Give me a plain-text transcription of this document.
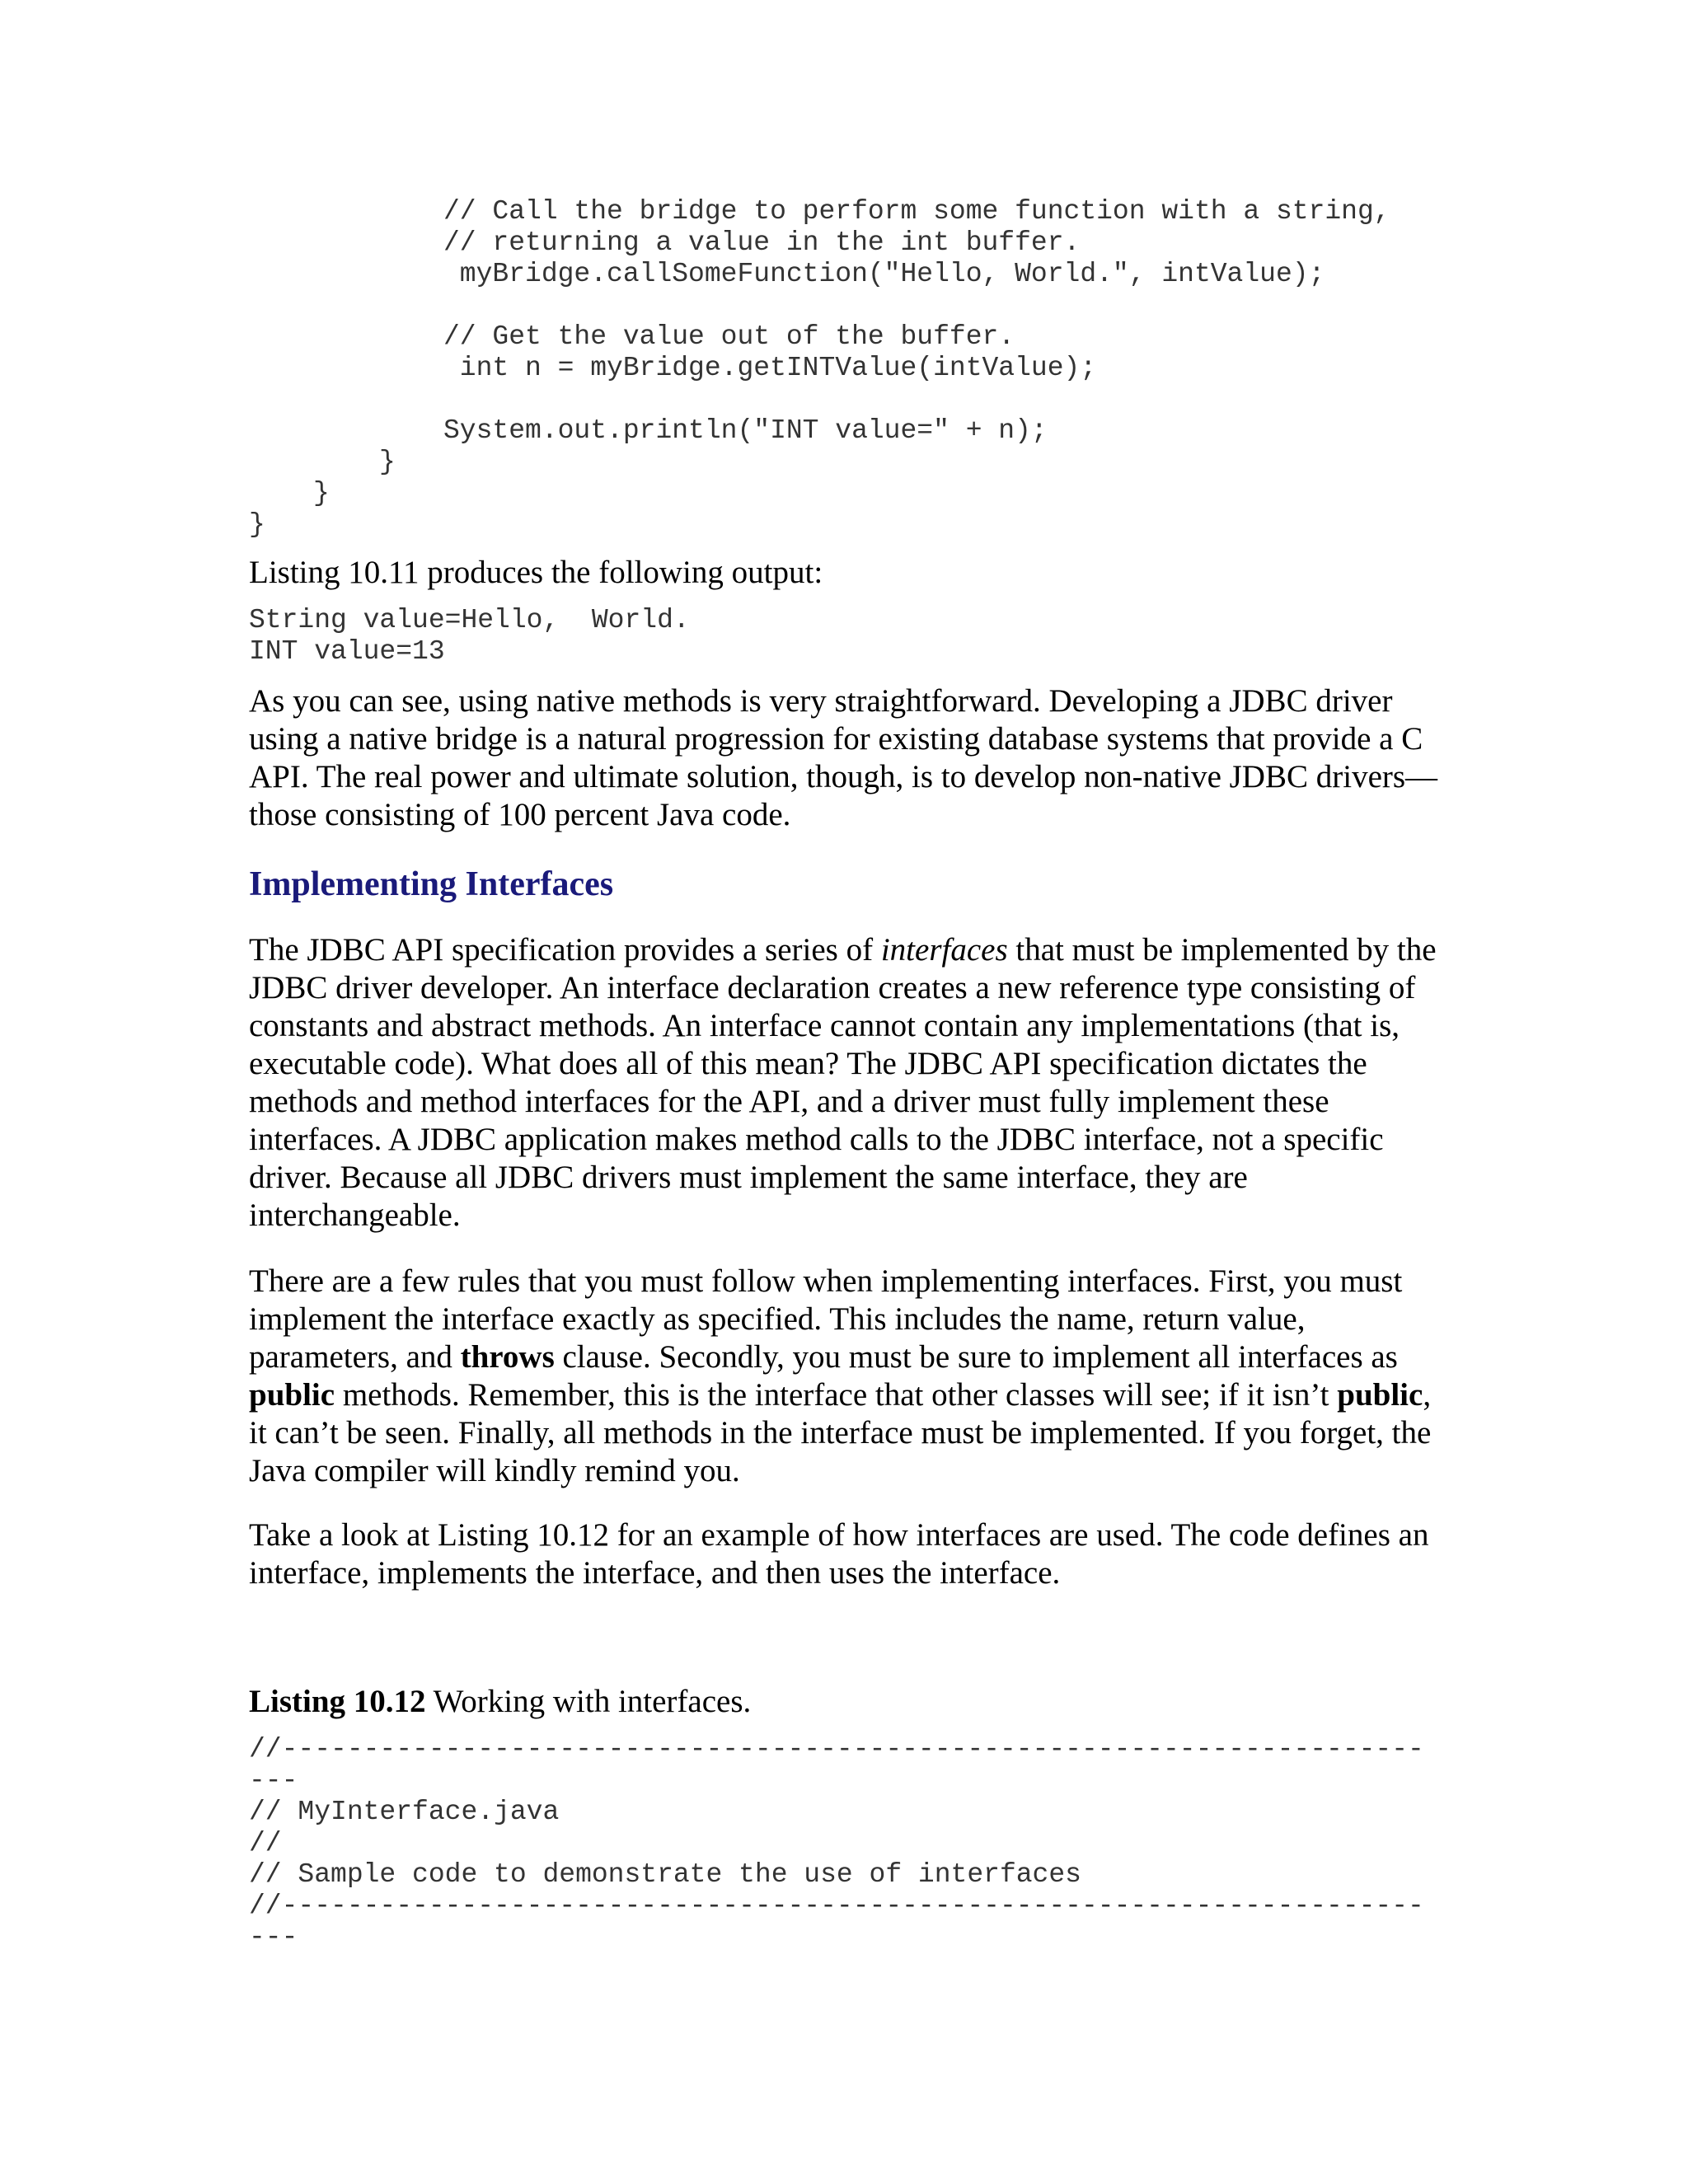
// Call the bridge to perform some function with a string,
// returning a value in the int buffer.
myBridge.callSomeFunction("Hello, World.", intValue);
// Get the value out of the buffer.
int n = myBridge.getINTValue(intValue);
System.out.println("INT value=" + n);
}
}
}

Listing 10.11 produces the following output:

String value=Hello,  World.
INT value=13

As you can see, using native methods is very straightforward. Developing a JDBC driver using a native bridge is a natural progression for existing database systems that provide a C API. The real power and ultimate solution, though, is to develop non-native JDBC drivers—those consisting of 100 percent Java code.

Implementing Interfaces

The JDBC API specification provides a series of interfaces that must be implemented by the JDBC driver developer. An interface declaration creates a new reference type consisting of constants and abstract methods. An interface cannot contain any implementations (that is, executable code). What does all of this mean? The JDBC API specification dictates the methods and method interfaces for the API, and a driver must fully implement these interfaces. A JDBC application makes method calls to the JDBC interface, not a specific driver. Because all JDBC drivers must implement the same interface, they are interchangeable.

There are a few rules that you must follow when implementing interfaces. First, you must implement the interface exactly as specified. This includes the name, return value, parameters, and throws clause. Secondly, you must be sure to implement all interfaces as public methods. Remember, this is the interface that other classes will see; if it isn’t public, it can’t be seen. Finally, all methods in the interface must be implemented. If you forget, the Java compiler will kindly remind you.

Take a look at Listing 10.12 for an example of how interfaces are used. The code defines an interface, implements the interface, and then uses the interface.

Listing 10.12 Working with interfaces.

//----------------------------------------------------------------------
---
// MyInterface.java
//
// Sample code to demonstrate the use of interfaces
//----------------------------------------------------------------------
---
